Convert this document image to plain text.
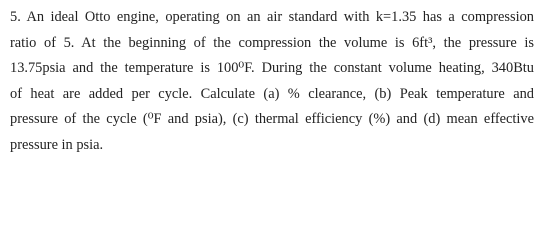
5. An ideal Otto engine, operating on an air standard with k=1.35 has a compression
ratio of 5. At the beginning of the compression the volume is 6ft³, the pressure is
13.75psia and the temperature is 100⁰F. During the constant volume heating, 340Btu
of heat are added per cycle. Calculate (a) % clearance, (b) Peak temperature and
pressure of the cycle (⁰F and psia), (c) thermal efficiency (%) and (d) mean effective
pressure in psia.
